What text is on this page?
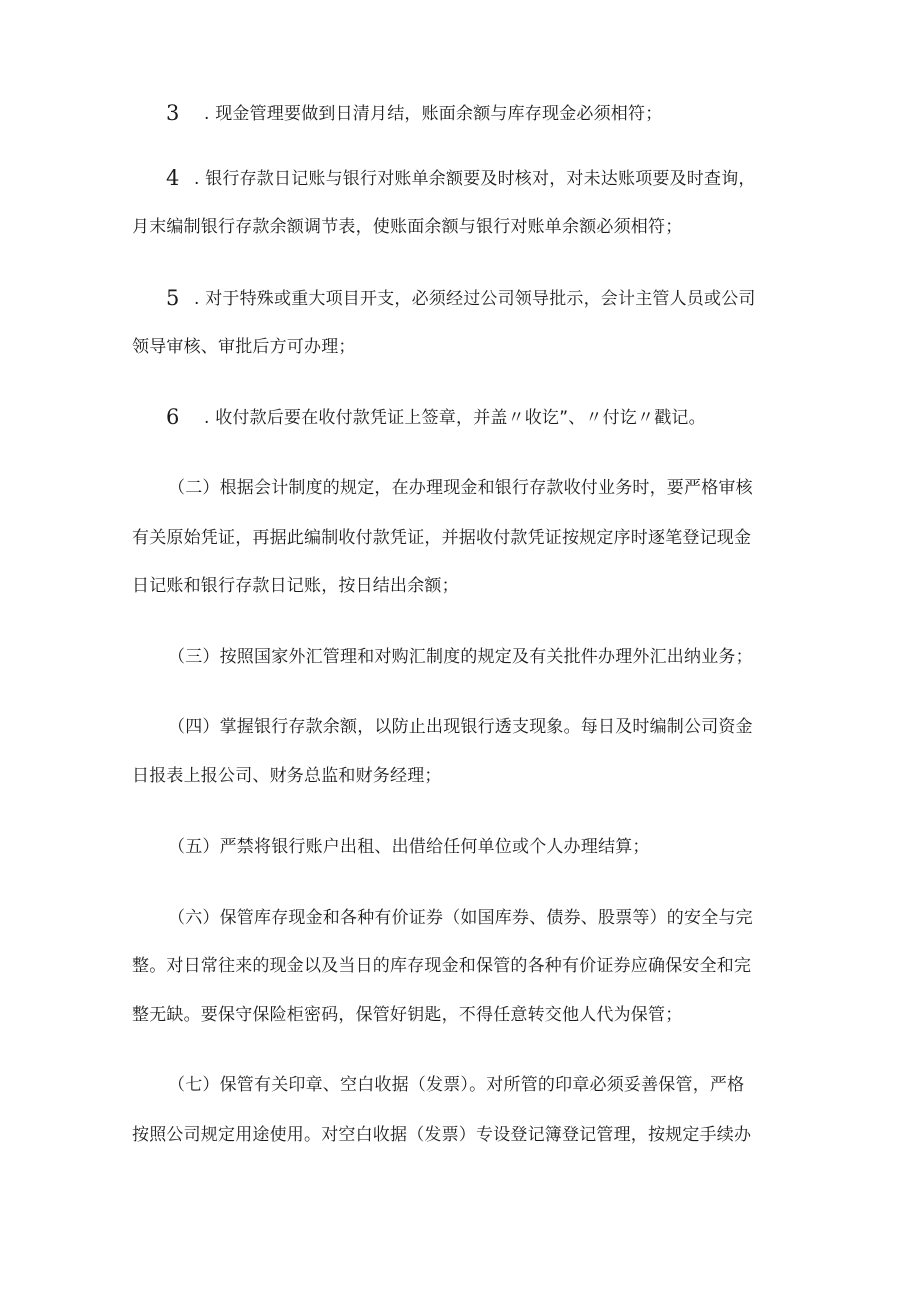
3 . 现金管理要做到日清月结，账面余额与库存现金必须相符；
4 . 银行存款日记账与银行对账单余额要及时核对，对未达账项要及时查询，
月末编制银行存款余额调节表，使账面余额与银行对账单余额必须相符；
5 . 对于特殊或重大项目开支，必须经过公司领导批示，会计主管人员或公司
领导审核、审批后方可办理；
6 . 收付款后要在收付款凭证上签章，并盖〃收讫”、〃付讫〃戳记。
（二）根据会计制度的规定，在办理现金和银行存款收付业务时，要严格审核
有关原始凭证，再据此编制收付款凭证，并据收付款凭证按规定序时逐笔登记现金
日记账和银行存款日记账，按日结出余额；
（三）按照国家外汇管理和对购汇制度的规定及有关批件办理外汇出纳业务；
（四）掌握银行存款余额，以防止出现银行透支现象。每日及时编制公司资金
日报表上报公司、财务总监和财务经理；
（五）严禁将银行账户出租、出借给任何单位或个人办理结算；
（六）保管库存现金和各种有价证券（如国库券、债券、股票等）的安全与完
整。对日常往来的现金以及当日的库存现金和保管的各种有价证券应确保安全和完
整无缺。要保守保险柜密码，保管好钥匙，不得任意转交他人代为保管；
（七）保管有关印章、空白收据（发票）。对所管的印章必须妥善保管，严格
按照公司规定用途使用。对空白收据（发票）专设登记簿登记管理，按规定手续办
